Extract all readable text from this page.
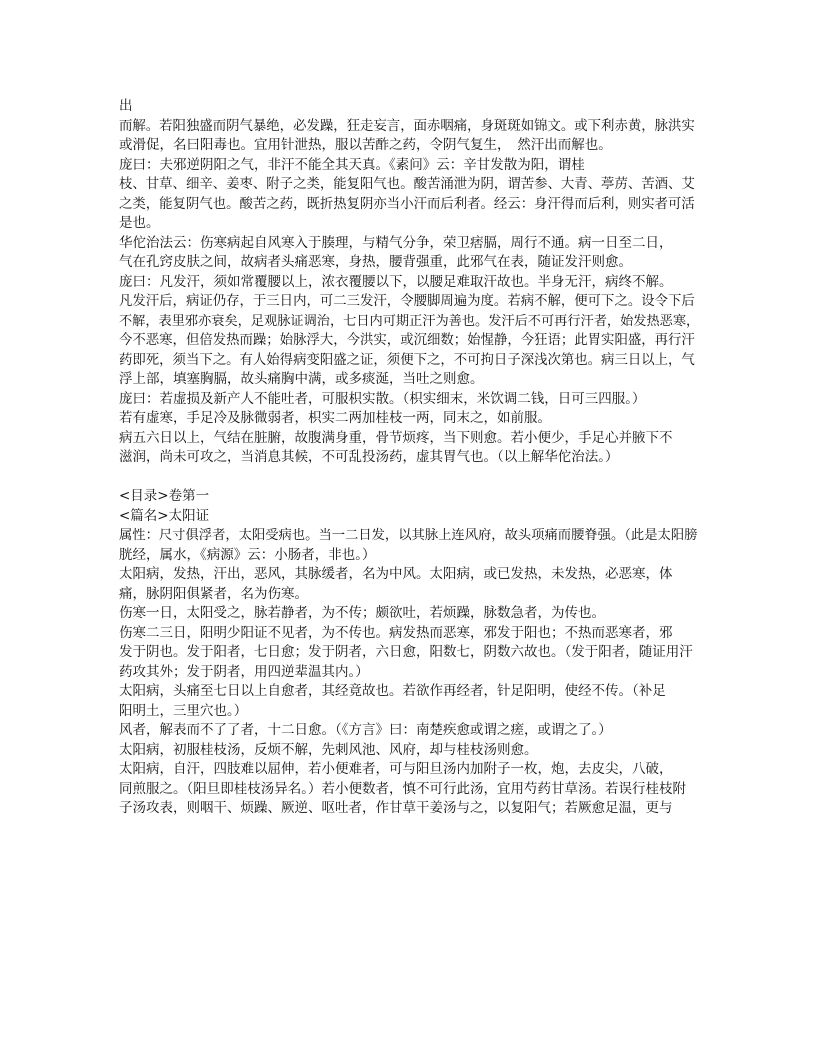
出
而解。若阳独盛而阴气暴绝，必发躁，狂走妄言，面赤咽痛，身斑斑如锦文。或下利赤黄，脉洪实
或滑促，名曰阳毒也。宜用针泄热，服以苦酢之药，令阴气复生，　然汗出而解也。
庞曰：夫邪逆阴阳之气，非汗不能全其天真。《素问》云：辛甘发散为阳，谓桂
枝、甘草、细辛、姜枣、附子之类，能复阳气也。酸苦涌泄为阴，谓苦参、大青、葶苈、苦酒、艾
之类，能复阴气也。酸苦之药，既折热复阴亦当小汗而后利者。经云：身汗得而后利，则实者可活
是也。
华佗治法云：伤寒病起自风寒入于腠理，与精气分争，荣卫痞膈，周行不通。病一日至二日，
气在孔窍皮肤之间，故病者头痛恶寒，身热，腰背强重，此邪气在表，随证发汗则愈。
庞曰：凡发汗，须如常覆腰以上，浓衣覆腰以下，以腰足难取汗故也。半身无汗，病终不解。
凡发汗后，病证仍存，于三日内，可二三发汗，令腰脚周遍为度。若病不解，便可下之。设令下后
不解，表里邪亦衰矣，足观脉证调治，七日内可期正汗为善也。发汗后不可再行汗者，始发热恶寒，
今不恶寒，但倍发热而躁；始脉浮大，今洪实，或沉细数；始惺静，今狂语；此胃实阳盛，再行汗
药即死，须当下之。有人始得病变阳盛之证，须便下之，不可拘日子深浅次第也。病三日以上，气
浮上部，填塞胸膈，故头痛胸中满，或多痰涎，当吐之则愈。
庞曰：若虚损及新产人不能吐者，可服枳实散。（枳实细末，米饮调二钱，日可三四服。）
若有虚寒，手足冷及脉微弱者，枳实二两加桂枝一两，同末之，如前服。
病五六日以上，气结在脏腑，故腹满身重，骨节烦疼，当下则愈。若小便少，手足心并腋下不
滋润，尚未可攻之，当消息其候，不可乱投汤药，虚其胃气也。（以上解华佗治法。）
<目录>卷第一
<篇名>太阳证
属性：尺寸俱浮者，太阳受病也。当一二日发，以其脉上连风府，故头项痛而腰脊强。（此是太阳膀
胱经，属水，《病源》云：小肠者，非也。）
太阳病，发热，汗出，恶风，其脉缓者，名为中风。太阳病，或已发热，未发热，必恶寒，体
痛，脉阴阳俱紧者，名为伤寒。
伤寒一日，太阳受之，脉若静者，为不传；颇欲吐，若烦躁，脉数急者，为传也。
伤寒二三日，阳明少阳证不见者，为不传也。病发热而恶寒，邪发于阳也；不热而恶寒者，邪
发于阴也。发于阳者，七日愈；发于阴者，六日愈，阳数七，阴数六故也。（发于阳者，随证用汗
药攻其外；发于阴者，用四逆辈温其内。）
太阳病，头痛至七日以上自愈者，其经竟故也。若欲作再经者，针足阳明，使经不传。（补足
阳明土，三里穴也。）
风者，解表而不了了者，十二日愈。（《方言》曰：南楚疾愈或谓之瘥，或谓之了。）
太阳病，初服桂枝汤，反烦不解，先刺风池、风府，却与桂枝汤则愈。
太阳病，自汗，四肢难以屈伸，若小便难者，可与阳旦汤内加附子一枚，炮，去皮尖，八破，
同煎服之。（阳旦即桂枝汤异名。）若小便数者，慎不可行此汤，宜用芍药甘草汤。若误行桂枝附
子汤攻表，则咽干、烦躁、厥逆、呕吐者，作甘草干姜汤与之，以复阳气；若厥愈足温，更与
